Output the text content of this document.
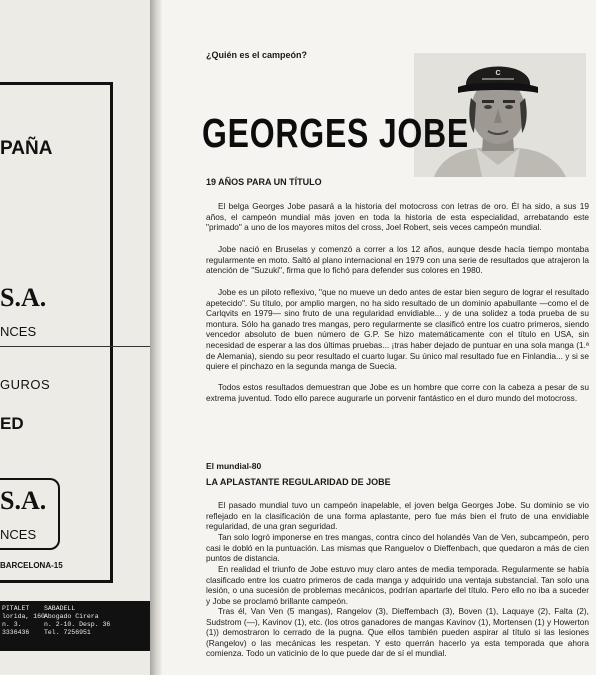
PAÑA
S.A.
NCES
GUROS
ED
S.A.
NCES
BARCELONA-15
PITALET
lorida, 160
n. 3.
3336436
SABADELL
Abogado Cirera
n. 2-10. Desp. 36
Tel. 7256951
¿Quién es el campeón?
C
GEORGES JOBE
19 AÑOS PARA UN TÍTULO

El belga Georges Jobe pasará a la historia del motocross con letras de oro. Él ha sido, a sus 19 años, el campeón mundial más joven en toda la historia de esta especialidad, arrebatando este "primado" a uno de los mayores mitos del cross, Joel Robert, seis veces campeón mundial.

Jobe nació en Bruselas y comenzó a correr a los 12 años, aunque desde hacía tiempo montaba regularmente en moto. Saltó al plano internacional en 1979 con una serie de resultados que atrajeron la atención de "Suzuki", firma que lo fichó para defender sus colores en 1980.

Jobe es un piloto reflexivo, "que no mueve un dedo antes de estar bien seguro de lograr el resultado apetecido". Su título, por amplio margen, no ha sido resultado de un dominio apabullante —como el de Carlqvits en 1979— sino fruto de una regularidad envidiable... y de una solidez a toda prueba de su montura. Sólo ha ganado tres mangas, pero regularmente se clasificó entre los cuatro primeros, siendo vencedor absoluto de buen número de G.P. Se hizo matemáticamente con el título en USA, sin necesidad de esperar a las dos últimas pruebas... ¡tras haber dejado de puntuar en una sola manga (1.ª de Alemania), siendo su peor resultado el cuarto lugar. Su único mal resultado fue en Finlandia... y si se quiere el pinchazo en la segunda manga de Suecia.

Todos estos resultados demuestran que Jobe es un hombre que corre con la cabeza a pesar de su extrema juventud. Todo ello parece augurarle un porvenir fantástico en el duro mundo del motocross.

El mundial-80
LA APLASTANTE REGULARIDAD DE JOBE

El pasado mundial tuvo un campeón inapelable, el joven belga Georges Jobe. Su dominio se vio reflejado en la clasificación de una forma aplastante, pero fue más bien el fruto de una envidiable regularidad, de una gran seguridad.

Tan solo logró imponerse en tres mangas, contra cinco del holandés Van de Ven, subcampeón, pero casi le dobló en la puntuación. Las mismas que Ranguelov o Dieffenbach, que quedaron a más de cien puntos de distancia.

En realidad el triunfo de Jobe estuvo muy claro antes de media temporada. Regularmente se había clasificado entre los cuatro primeros de cada manga y adquirido una ventaja substancial. Tan solo una lesión, o una sucesión de problemas mecánicos, podrían apartarle del título. Pero ello no iba a suceder y Jobe se proclamó brillante campeón.

Tras él, Van Ven (5 mangas), Rangelov (3), Dieffembach (3), Boven (1), Laquaye (2), Falta (2), Sudstrom (—), Kavinov (1), etc. (los otros ganadores de mangas Kavinov (1), Mortensen (1) y Howerton (1)) demostraron lo cerrado de la pugna. Que ellos también pueden aspirar al título si las lesiones (Rangelov) o las mecánicas les respetan. Y esto querrán hacerlo ya esta temporada que ahora comienza. Todo un vaticinio de lo que puede dar de sí el mundial.
